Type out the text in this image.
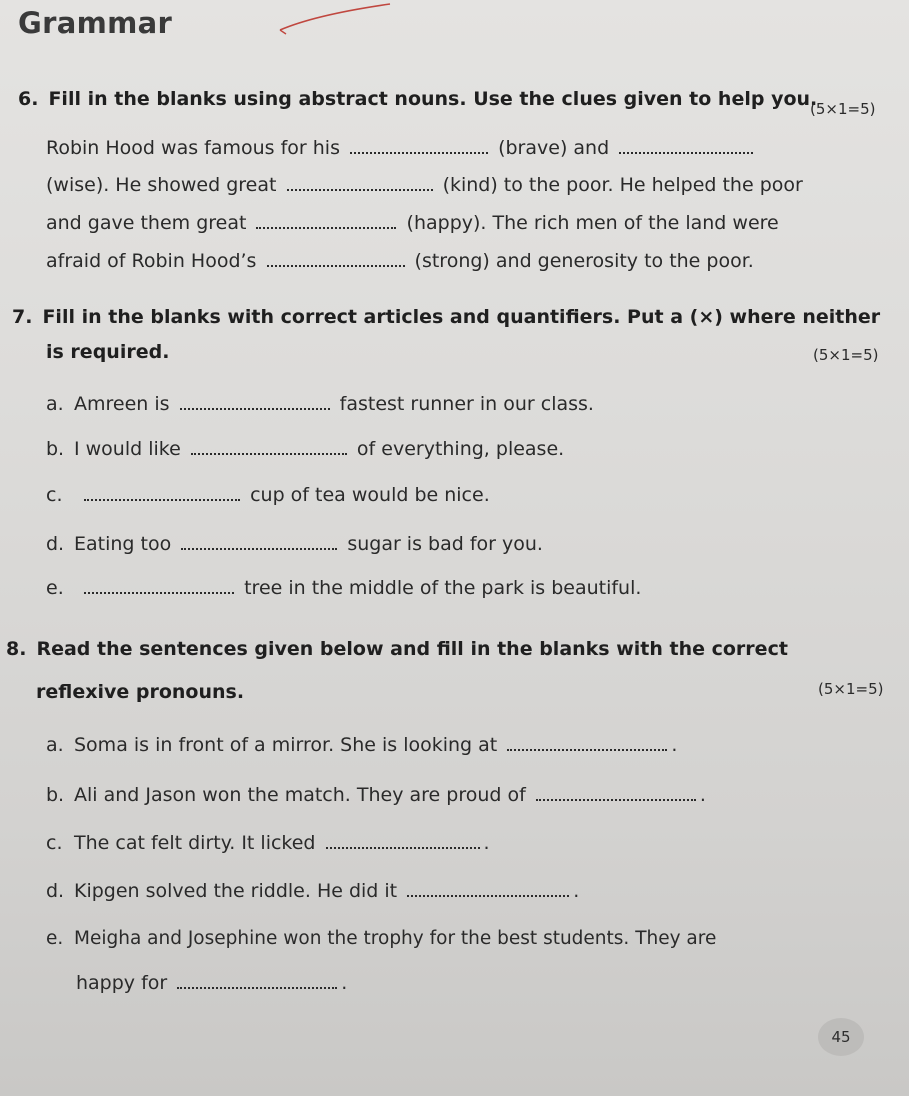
Grammar
6. Fill in the blanks using abstract nouns. Use the clues given to help you.
(5×1=5)
Robin Hood was famous for his	(brave) and
(wise). He showed great	(kind) to the poor. He helped the poor
and gave them great	(happy). The rich men of the land were
afraid of Robin Hood’s	(strong) and generosity to the poor.
7. Fill in the blanks with correct articles and quantifiers. Put a (×) where neither
is required.	(5×1=5)
a. Amreen is	fastest runner in our class.
b. I would like	of everything, please.
c.	cup of tea would be nice.
d. Eating too	sugar is bad for you.
e.	tree in the middle of the park is beautiful.
8. Read the sentences given below and fill in the blanks with the correct
reflexive pronouns.	(5×1=5)
a. Soma is in front of a mirror. She is looking at	.
b. Ali and Jason won the match. They are proud of	.
c. The cat felt dirty. It licked	.
d. Kipgen solved the riddle. He did it	.
e. Meigha and Josephine won the trophy for the best students. They are
happy for	.
45
